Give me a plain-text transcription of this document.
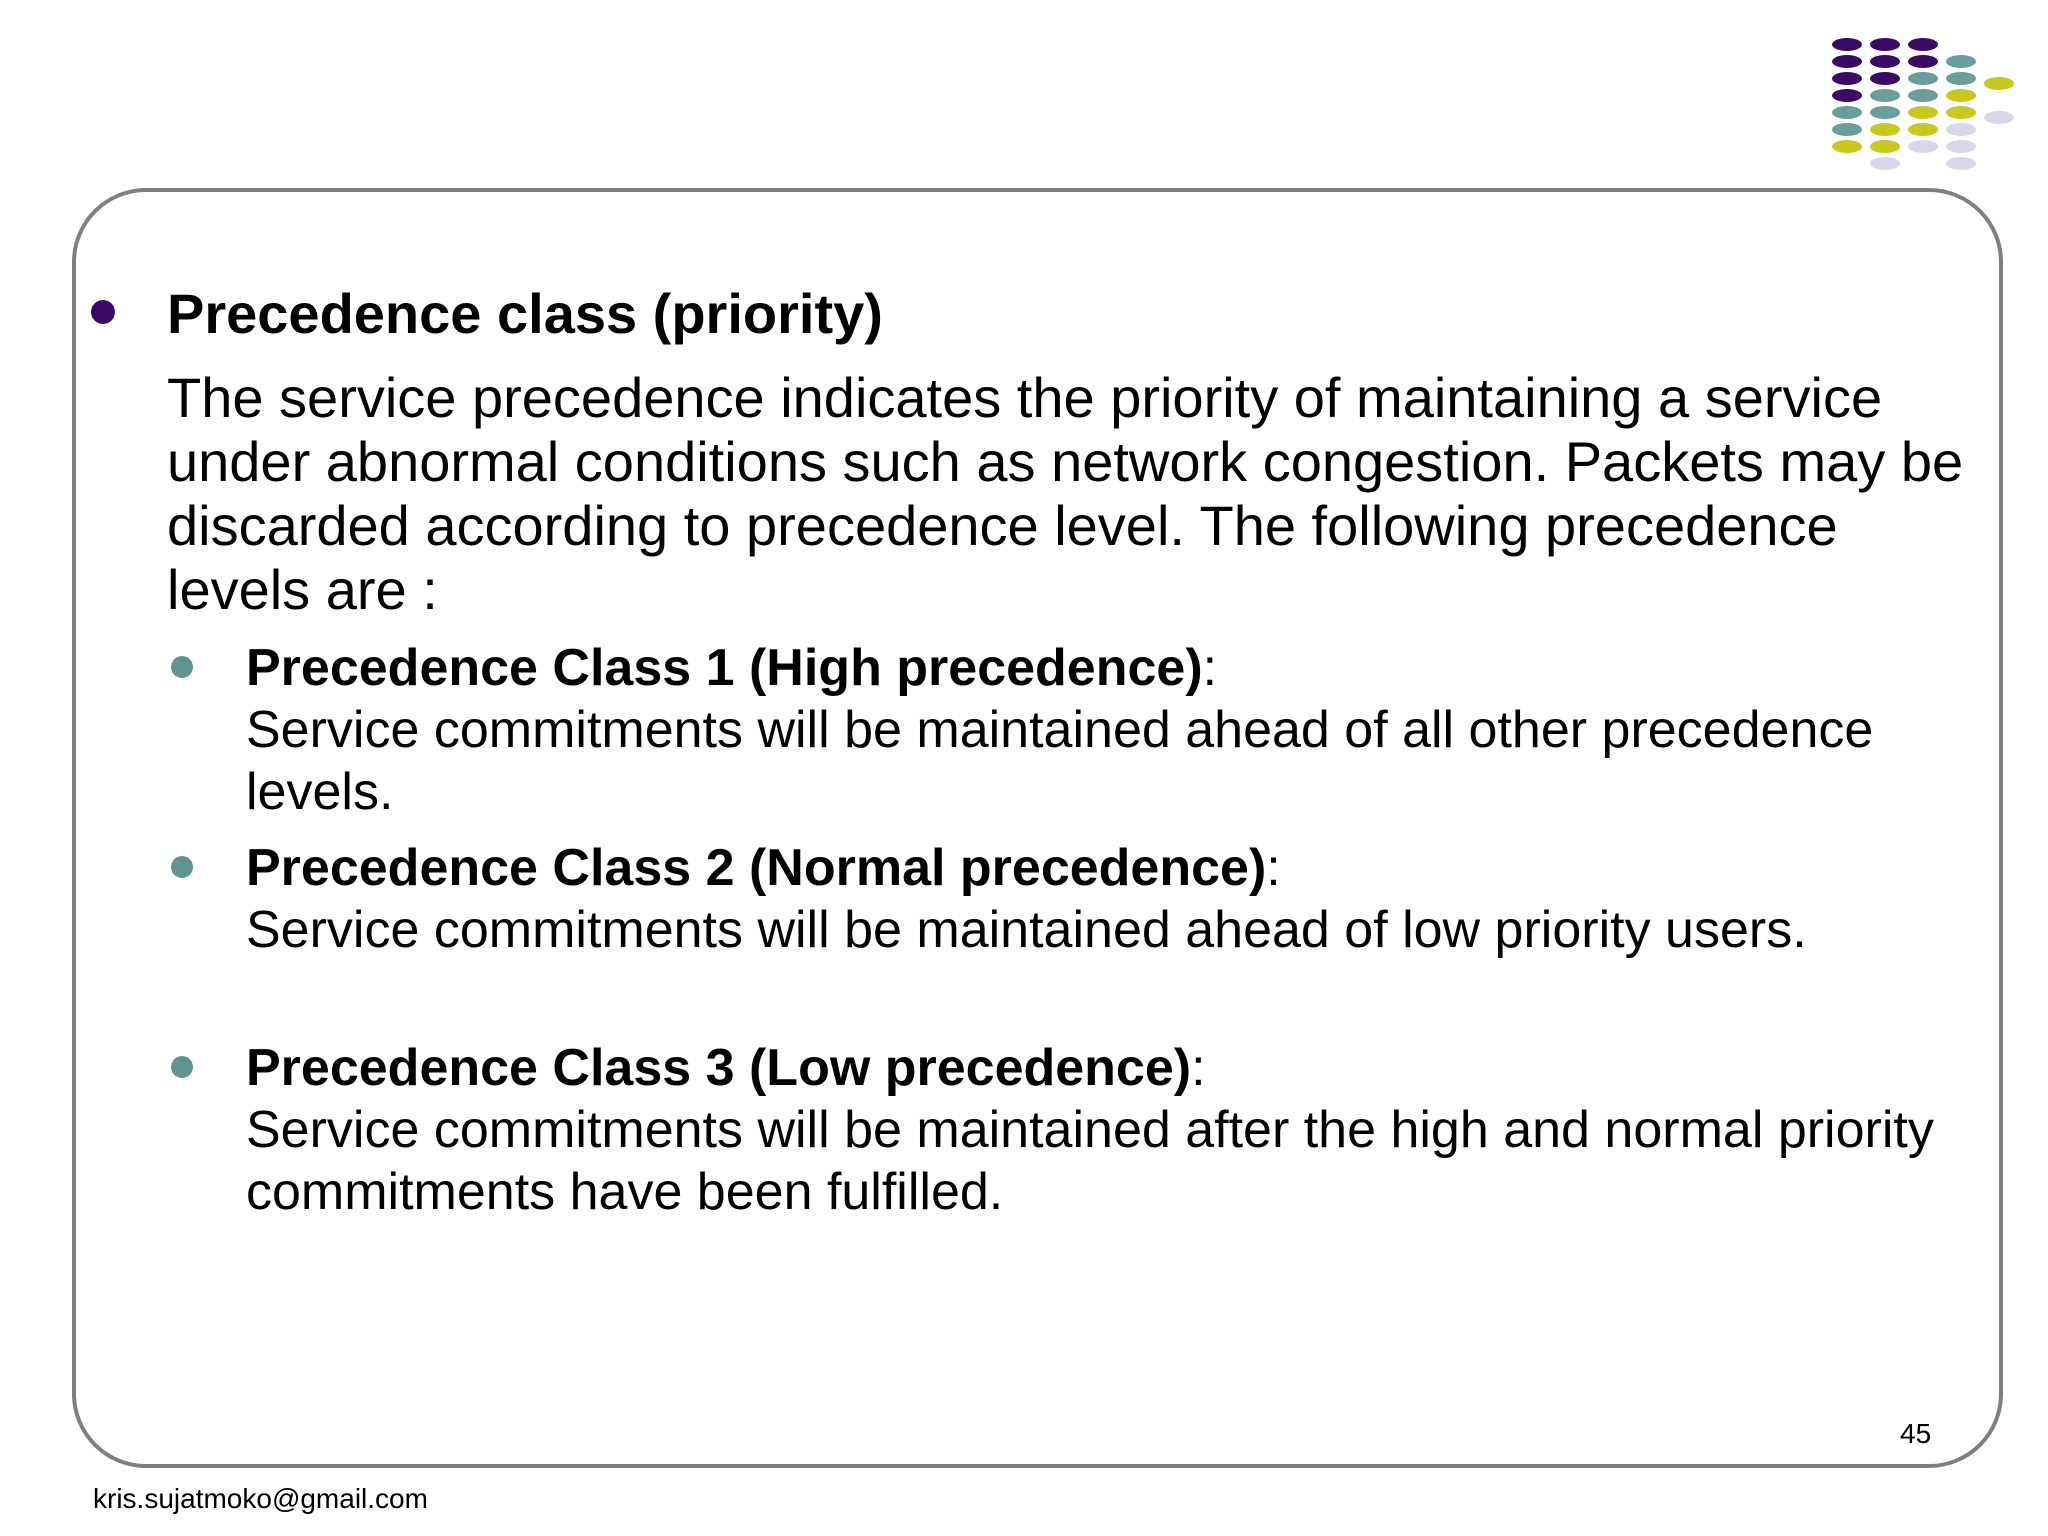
Precedence class (priority)
The service precedence indicates the priority of maintaining a service under abnormal conditions such as network congestion. Packets may be discarded according to precedence level. The following precedence levels are :
Precedence Class 1 (High precedence):
Service commitments will be maintained ahead of all other precedence levels.
Precedence Class 2 (Normal precedence):
Service commitments will be maintained ahead of low priority users.
Precedence Class 3 (Low precedence):
Service commitments will be maintained after the high and normal priority commitments have been fulfilled.
45
kris.sujatmoko@gmail.com
